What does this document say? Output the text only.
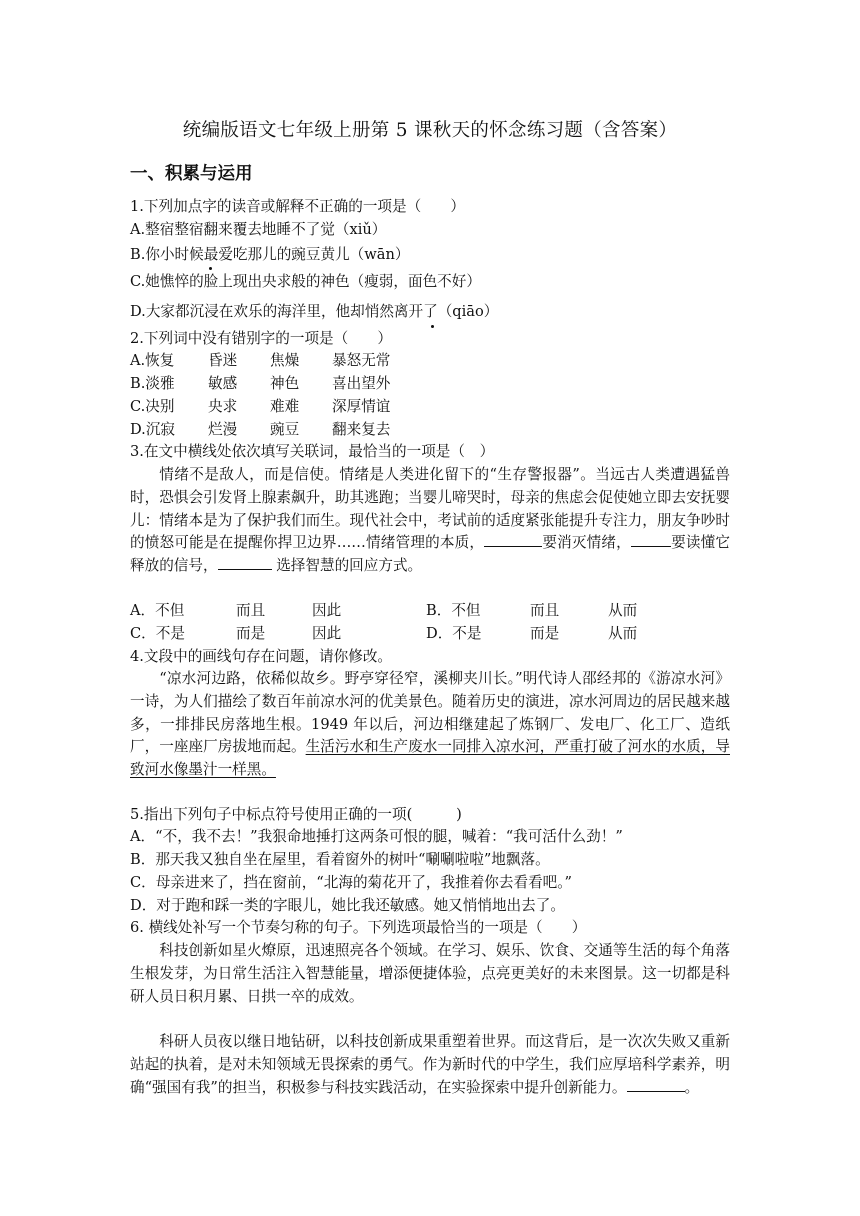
统编版语文七年级上册第 5 课秋天的怀念练习题（含答案）
一、积累与运用
1.下列加点字的读音或解释不正确的一项是（　　）
A.整宿整宿翻来覆去地睡不了觉（xiǔ）
B.你小时候最爱吃那儿的豌豆黄儿（wān）
C.她憔悴的脸上现出央求般的神色（瘦弱，面色不好）
D.大家都沉浸在欢乐的海洋里，他却悄然离开了（qiāo）
2.下列词中没有错别字的一项是（　　）
A.恢复 昏迷 焦燥 暴怒无常
B.淡雅 敏感 神色 喜出望外
C.决别 央求 难难 深厚情谊
D.沉寂 烂漫 豌豆 翻来复去
3.在文中横线处依次填写关联词，最恰当的一项是（　）
情绪不是敌人，而是信使。情绪是人类进化留下的“生存警报器”。当远古人类遭遇猛兽时，恐惧会引发肾上腺素飙升，助其逃跑；当婴儿啼哭时，母亲的焦虑会促使她立即去安抚婴儿：情绪本是为了保护我们而生。现代社会中，考试前的适度紧张能提升专注力，朋友争吵时的愤怒可能是在提醒你捍卫边界……情绪管理的本质，	要消灭情绪，	要读懂它释放的信号，	选择智慧的回应方式。
A．不但	而且	因此	B．不但	而且	从而
C．不是	而是	因此	D．不是	而是	从而
4.文段中的画线句存在问题，请你修改。
“凉水河边路，依稀似故乡。野亭穿径窄，溪柳夹川长。”明代诗人邵经邦的《游凉水河》 一诗，为人们描绘了数百年前凉水河的优美景色。随着历史的演进，凉水河周边的居民越来越多，一排排民房落地生根。1949 年以后，河边相继建起了炼钢厂、发电厂、化工厂、造纸厂，一座座厂房拔地而起。生活污水和生产废水一同排入凉水河，严重打破了河水的水质，导致河水像墨汁一样黑。
5.指出下列句子中标点符号使用正确的一项(　　　)
A．“不，我不去！”我狠命地捶打这两条可恨的腿，喊着：“我可活什么劲！”
B．那天我又独自坐在屋里，看着窗外的树叶“唰唰啦啦”地飘落。
C．母亲进来了，挡在窗前，“北海的菊花开了，我推着你去看看吧。”
D．对于跑和踩一类的字眼儿，她比我还敏感。她又悄悄地出去了。
6. 横线处补写一个节奏匀称的句子。下列选项最恰当的一项是（　　）
科技创新如星火燎原，迅速照亮各个领域。在学习、娱乐、饮食、交通等生活的每个角落生根发芽，为日常生活注入智慧能量，增添便捷体验，点亮更美好的未来图景。这一切都是科研人员日积月累、日拱一卒的成效。
科研人员夜以继日地钻研，以科技创新成果重塑着世界。而这背后，是一次次失败又重新站起的执着，是对未知领域无畏探索的勇气。作为新时代的中学生，我们应厚培科学素养，明确“强国有我”的担当，积极参与科技实践活动，在实验探索中提升创新能力。	。
